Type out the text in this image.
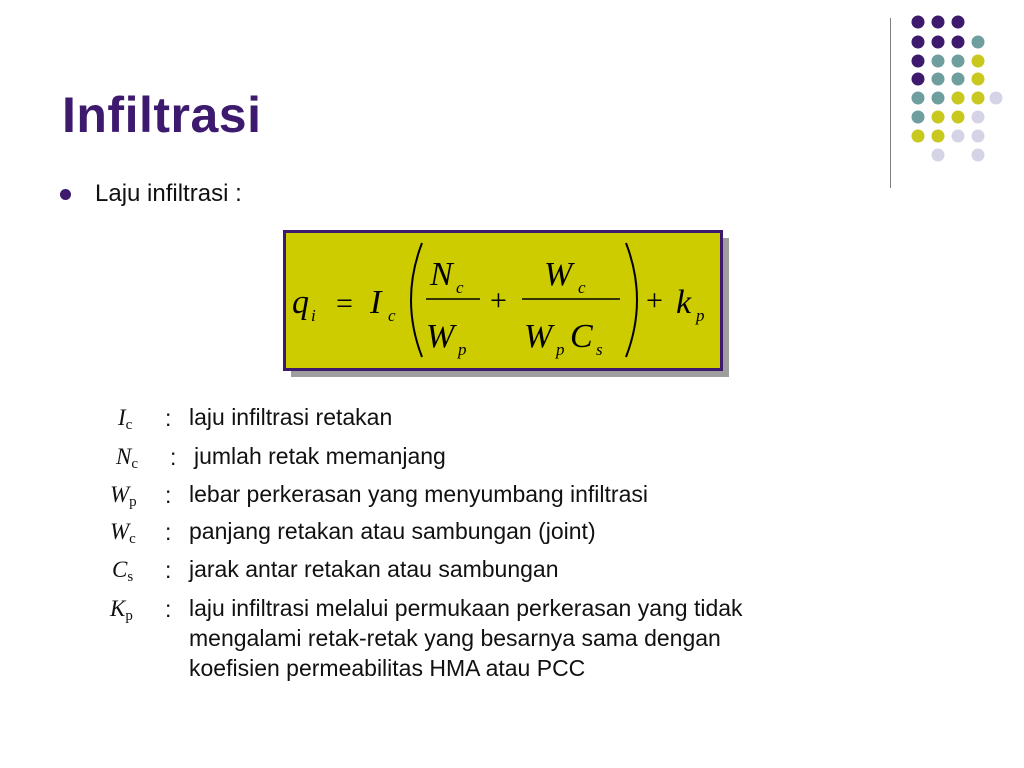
Infiltrasi
Laju infiltrasi :
q i = I c
N c
W p
+
W c
W p C s
+ k p
$I_c$ : laju infiltrasi retakan
$N_c$ : jumlah retak memanjang
$W_p$ : lebar perkerasan yang menyumbang infiltrasi
$W_c$ : panjang retakan atau sambungan (joint)
$C_s$ : jarak antar retakan atau sambungan
$K_p$ : laju infiltrasi melalui permukaan perkerasan yang tidak
mengalami retak-retak yang besarnya sama dengan
koefisien permeabilitas HMA atau PCC
